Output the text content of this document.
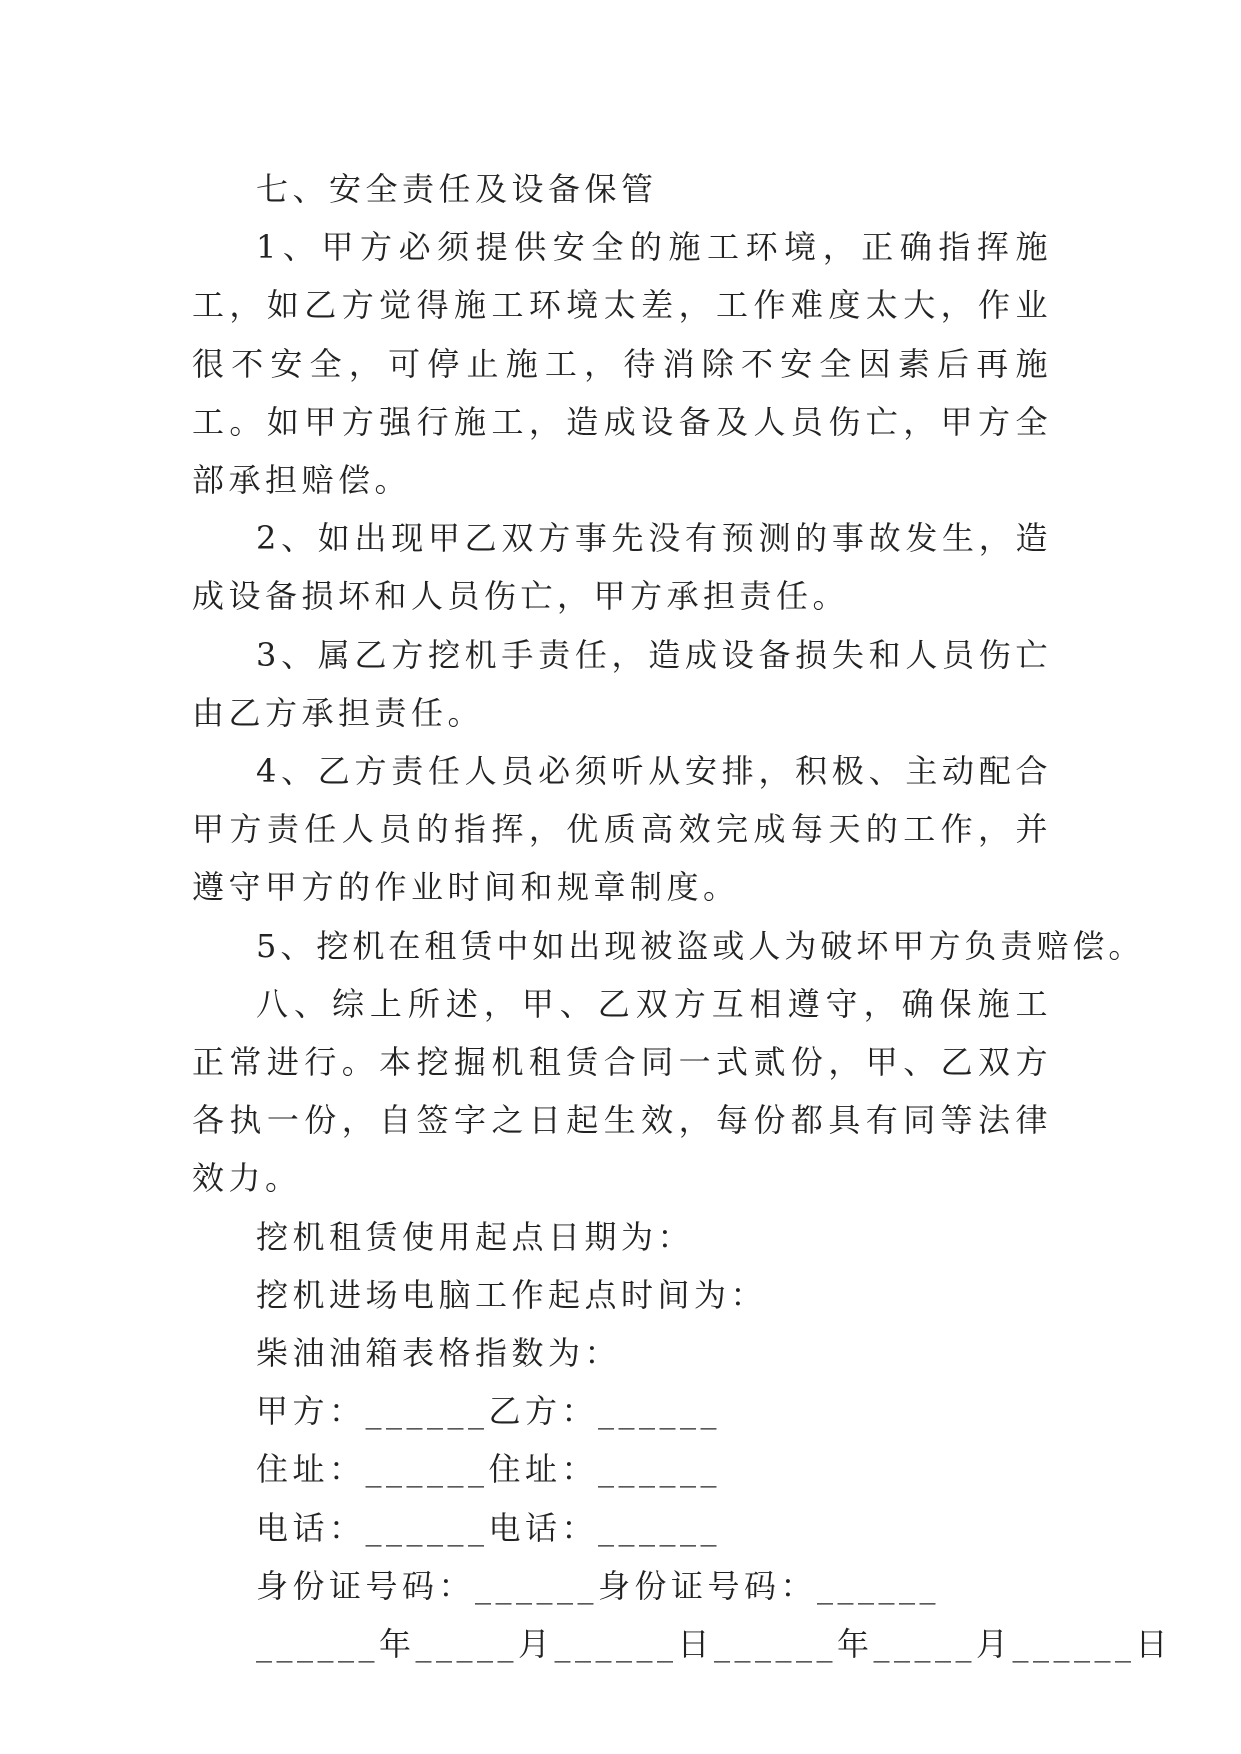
七、安全责任及设备保管

1、甲方必须提供安全的施工环境，正确指挥施工，如乙方觉得施工环境太差，工作难度太大，作业很不安全，可停止施工，待消除不安全因素后再施工。如甲方强行施工，造成设备及人员伤亡，甲方全部承担赔偿。

2、如出现甲乙双方事先没有预测的事故发生，造成设备损坏和人员伤亡，甲方承担责任。

3、属乙方挖机手责任，造成设备损失和人员伤亡由乙方承担责任。

4、乙方责任人员必须听从安排，积极、主动配合甲方责任人员的指挥，优质高效完成每天的工作，并遵守甲方的作业时间和规章制度。

5、挖机在租赁中如出现被盗或人为破坏甲方负责赔偿。

八、综上所述，甲、乙双方互相遵守，确保施工正常进行。本挖掘机租赁合同一式贰份，甲、乙双方各执一份，自签字之日起生效，每份都具有同等法律效力。

挖机租赁使用起点日期为：

挖机进场电脑工作起点时间为：

柴油油箱表格指数为：

甲方：______乙方：______

住址：______住址：______

电话：______电话：______

身份证号码：______身份证号码：______

______年_____月______日______年_____月______日
